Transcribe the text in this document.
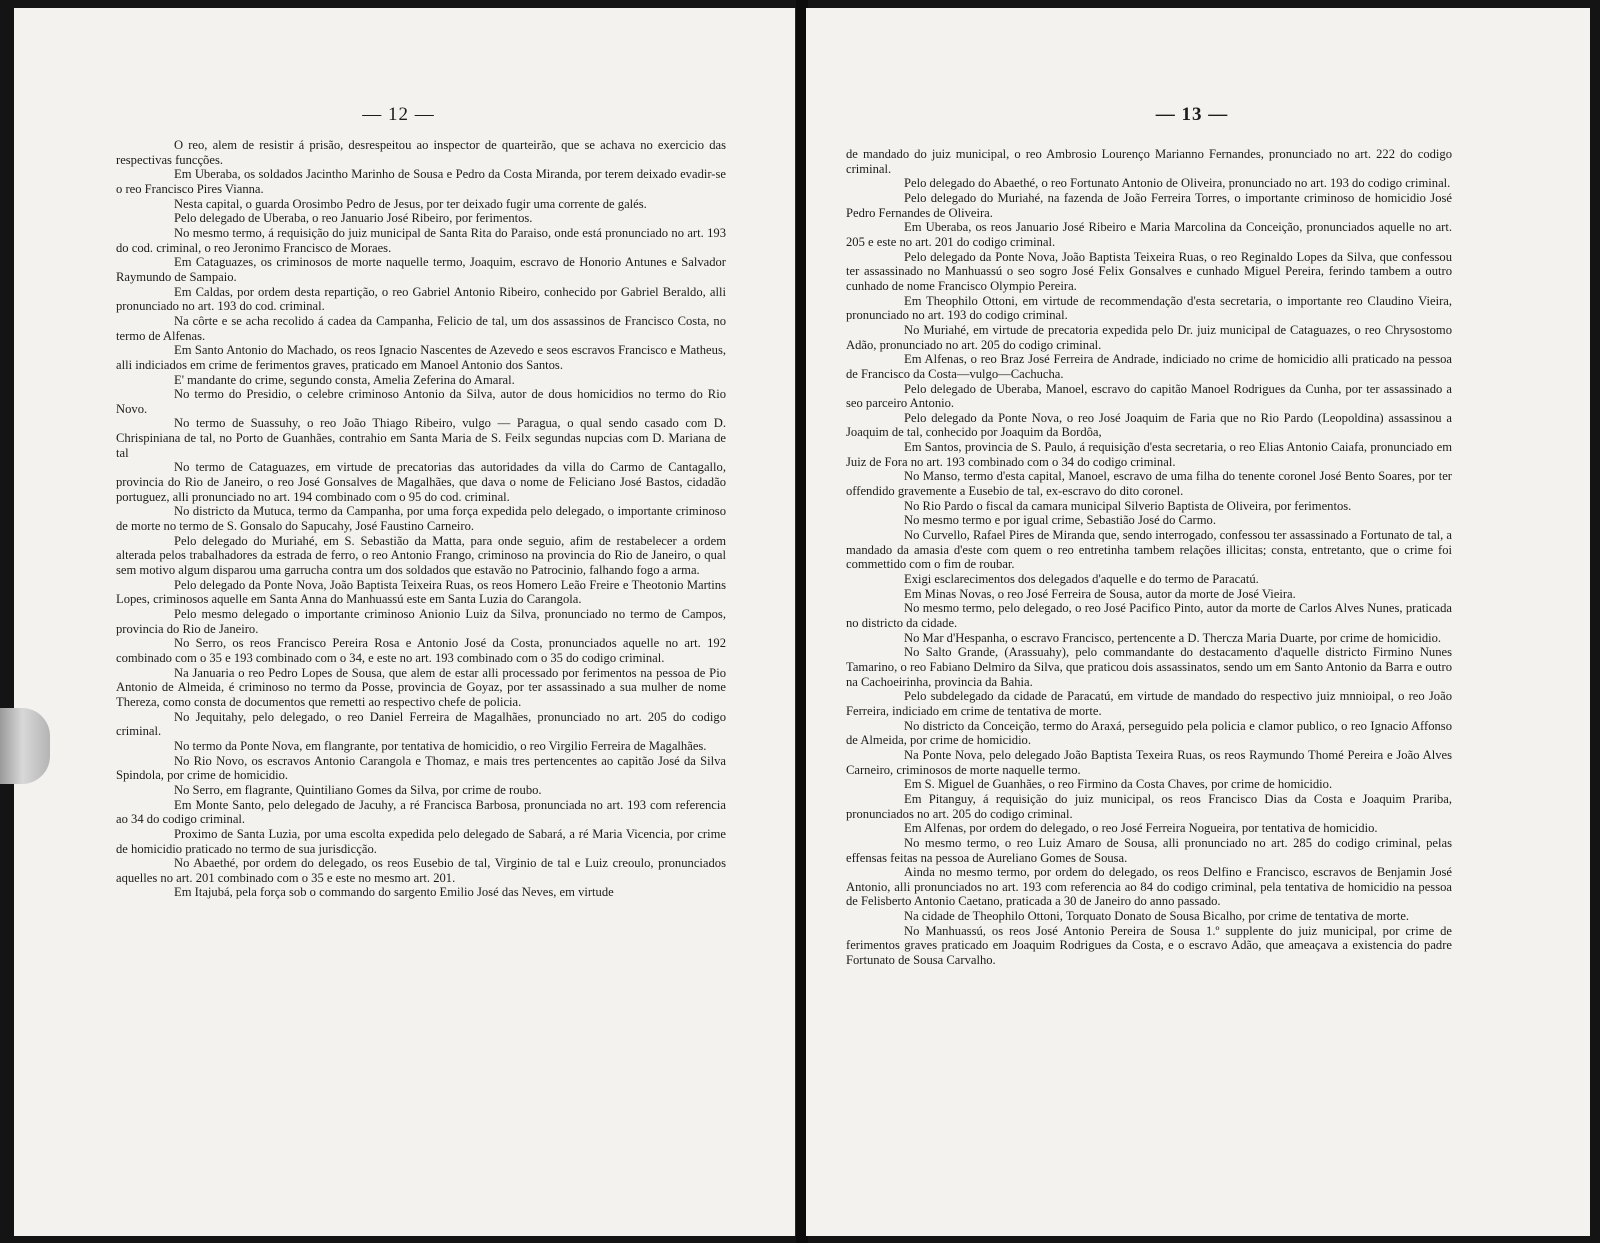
— 12 —

O reo, alem de resistir á prisão, desrespeitou ao inspector de quarteirão, que se achava no exercicio das respectivas funcções.

Em Uberaba, os soldados Jacintho Marinho de Sousa e Pedro da Costa Miranda, por terem deixado evadir-se o reo Francisco Pires Vianna.

Nesta capital, o guarda Orosimbo Pedro de Jesus, por ter deixado fugir uma corrente de galés.

Pelo delegado de Uberaba, o reo Januario José Ribeiro, por ferimentos.

No mesmo termo, á requisição do juiz municipal de Santa Rita do Paraiso, onde está pronunciado no art. 193 do cod. criminal, o reo Jeronimo Francisco de Moraes.

Em Cataguazes, os criminosos de morte naquelle termo, Joaquim, escravo de Honorio Antunes e Salvador Raymundo de Sampaio.

Em Caldas, por ordem desta repartição, o reo Gabriel Antonio Ribeiro, conhecido por Gabriel Beraldo, alli pronunciado no art. 193 do cod. criminal.

Na côrte e se acha recolido á cadea da Campanha, Felicio de tal, um dos assassinos de Francisco Costa, no termo de Alfenas.

Em Santo Antonio do Machado, os reos Ignacio Nascentes de Azevedo e seos escravos Francisco e Matheus, alli indiciados em crime de ferimentos graves, praticado em Manoel Antonio dos Santos.

E' mandante do crime, segundo consta, Amelia Zeferina do Amaral.

No termo do Presidio, o celebre criminoso Antonio da Silva, autor de dous homicidios no termo do Rio Novo.

No termo de Suassuhy, o reo João Thiago Ribeiro, vulgo — Paragua, o qual sendo casado com D. Chrispiniana de tal, no Porto de Guanhães, contrahio em Santa Maria de S. Feilx segundas nupcias com D. Mariana de tal

No termo de Cataguazes, em virtude de precatorias das autoridades da villa do Carmo de Cantagallo, provincia do Rio de Janeiro, o reo José Gonsalves de Magalhães, que dava o nome de Feliciano José Bastos, cidadão portuguez, alli pronunciado no art. 194 combinado com o 95 do cod. criminal.

No districto da Mutuca, termo da Campanha, por uma força expedida pelo delegado, o importante criminoso de morte no termo de S. Gonsalo do Sapucahy, José Faustino Carneiro.

Pelo delegado do Muriahé, em S. Sebastião da Matta, para onde seguio, afim de restabelecer a ordem alterada pelos trabalhadores da estrada de ferro, o reo Antonio Frango, criminoso na provincia do Rio de Janeiro, o qual sem motivo algum disparou uma garrucha contra um dos soldados que estavão no Patrocinio, falhando fogo a arma.

Pelo delegado da Ponte Nova, João Baptista Teixeira Ruas, os reos Homero Leão Freire e Theotonio Martins Lopes, criminosos aquelle em Santa Anna do Manhuassú este em Santa Luzia do Carangola.

Pelo mesmo delegado o importante criminoso Anionio Luiz da Silva, pronunciado no termo de Campos, provincia do Rio de Janeiro.

No Serro, os reos Francisco Pereira Rosa e Antonio José da Costa, pronunciados aquelle no art. 192 combinado com o 35 e 193 combinado com o 34, e este no art. 193 combinado com o 35 do codigo criminal.

Na Januaria o reo Pedro Lopes de Sousa, que alem de estar alli processado por ferimentos na pessoa de Pio Antonio de Almeida, é criminoso no termo da Posse, provincia de Goyaz, por ter assassinado a sua mulher de nome Thereza, como consta de documentos que remetti ao respectivo chefe de policia.

No Jequitahy, pelo delegado, o reo Daniel Ferreira de Magalhães, pronunciado no art. 205 do codigo criminal.

No termo da Ponte Nova, em flangrante, por tentativa de homicidio, o reo Virgilio Ferreira de Magalhães.

No Rio Novo, os escravos Antonio Carangola e Thomaz, e mais tres pertencentes ao capitão José da Silva Spindola, por crime de homicidio.

No Serro, em flagrante, Quintiliano Gomes da Silva, por crime de roubo.

Em Monte Santo, pelo delegado de Jacuhy, a ré Francisca Barbosa, pronunciada no art. 193 com referencia ao 34 do codigo criminal.

Proximo de Santa Luzia, por uma escolta expedida pelo delegado de Sabará, a ré Maria Vicencia, por crime de homicidio praticado no termo de sua jurisdicção.

No Abaethé, por ordem do delegado, os reos Eusebio de tal, Virginio de tal e Luiz creoulo, pronunciados aquelles no art. 201 combinado com o 35 e este no mesmo art. 201.

Em Itajubá, pela força sob o commando do sargento Emilio José das Neves, em virtude

— 13 —

de mandado do juiz municipal, o reo Ambrosio Lourenço Marianno Fernandes, pronunciado no art. 222 do codigo criminal.

Pelo delegado do Abaethé, o reo Fortunato Antonio de Oliveira, pronunciado no art. 193 do codigo criminal.

Pelo delegado do Muriahé, na fazenda de João Ferreira Torres, o importante criminoso de homicidio José Pedro Fernandes de Oliveira.

Em Uberaba, os reos Januario José Ribeiro e Maria Marcolina da Conceição, pronunciados aquelle no art. 205 e este no art. 201 do codigo criminal.

Pelo delegado da Ponte Nova, João Baptista Teixeira Ruas, o reo Reginaldo Lopes da Silva, que confessou ter assassinado no Manhuassú o seo sogro José Felix Gonsalves e cunhado Miguel Pereira, ferindo tambem a outro cunhado de nome Francisco Olympio Pereira.

Em Theophilo Ottoni, em virtude de recommendação d'esta secretaria, o importante reo Claudino Vieira, pronunciado no art. 193 do codigo criminal.

No Muriahé, em virtude de precatoria expedida pelo Dr. juiz municipal de Cataguazes, o reo Chrysostomo Adão, pronunciado no art. 205 do codigo criminal.

Em Alfenas, o reo Braz José Ferreira de Andrade, indiciado no crime de homicidio alli praticado na pessoa de Francisco da Costa—vulgo—Cachucha.

Pelo delegado de Uberaba, Manoel, escravo do capitão Manoel Rodrigues da Cunha, por ter assassinado a seo parceiro Antonio.

Pelo delegado da Ponte Nova, o reo José Joaquim de Faria que no Rio Pardo (Leopoldina) assassinou a Joaquim de tal, conhecido por Joaquim da Bordôa,

Em Santos, provincia de S. Paulo, á requisição d'esta secretaria, o reo Elias Antonio Caiafa, pronunciado em Juiz de Fora no art. 193 combinado com o 34 do codigo criminal.

No Manso, termo d'esta capital, Manoel, escravo de uma filha do tenente coronel José Bento Soares, por ter offendido gravemente a Eusebio de tal, ex-escravo do dito coronel.

No Rio Pardo o fiscal da camara municipal Silverio Baptista de Oliveira, por ferimentos.

No mesmo termo e por igual crime, Sebastião José do Carmo.

No Curvello, Rafael Pires de Miranda que, sendo interrogado, confessou ter assassinado a Fortunato de tal, a mandado da amasia d'este com quem o reo entretinha tambem relações illicitas; consta, entretanto, que o crime foi commettido com o fim de roubar.

Exigi esclarecimentos dos delegados d'aquelle e do termo de Paracatú.

Em Minas Novas, o reo José Ferreira de Sousa, autor da morte de José Vieira.

No mesmo termo, pelo delegado, o reo José Pacifico Pinto, autor da morte de Carlos Alves Nunes, praticada no districto da cidade.

No Mar d'Hespanha, o escravo Francisco, pertencente a D. Thercza Maria Duarte, por crime de homicidio.

No Salto Grande, (Arassuahy), pelo commandante do destacamento d'aquelle districto Firmino Nunes Tamarino, o reo Fabiano Delmiro da Silva, que praticou dois assassinatos, sendo um em Santo Antonio da Barra e outro na Cachoeirinha, provincia da Bahia.

Pelo subdelegado da cidade de Paracatú, em virtude de mandado do respectivo juiz mnnioipal, o reo João Ferreira, indiciado em crime de tentativa de morte.

No districto da Conceição, termo do Araxá, perseguido pela policia e clamor publico, o reo Ignacio Affonso de Almeida, por crime de homicidio.

Na Ponte Nova, pelo delegado João Baptista Texeira Ruas, os reos Raymundo Thomé Pereira e João Alves Carneiro, criminosos de morte naquelle termo.

Em S. Miguel de Guanhães, o reo Firmino da Costa Chaves, por crime de homicidio.

Em Pitanguy, á requisição do juiz municipal, os reos Francisco Dias da Costa e Joaquim Prariba, pronunciados no art. 205 do codigo criminal.

Em Alfenas, por ordem do delegado, o reo José Ferreira Nogueira, por tentativa de homicidio.

No mesmo termo, o reo Luiz Amaro de Sousa, alli pronunciado no art. 285 do codigo criminal, pelas effensas feitas na pessoa de Aureliano Gomes de Sousa.

Ainda no mesmo termo, por ordem do delegado, os reos Delfino e Francisco, escravos de Benjamin José Antonio, alli pronunciados no art. 193 com referencia ao 84 do codigo criminal, pela tentativa de homicidio na pessoa de Felisberto Antonio Caetano, praticada a 30 de Janeiro do anno passado.

Na cidade de Theophilo Ottoni, Torquato Donato de Sousa Bicalho, por crime de tentativa de morte.

No Manhuassú, os reos José Antonio Pereira de Sousa 1.º supplente do juiz municipal, por crime de ferimentos graves praticado em Joaquim Rodrigues da Costa, e o escravo Adão, que ameaçava a existencia do padre Fortunato de Sousa Carvalho.
